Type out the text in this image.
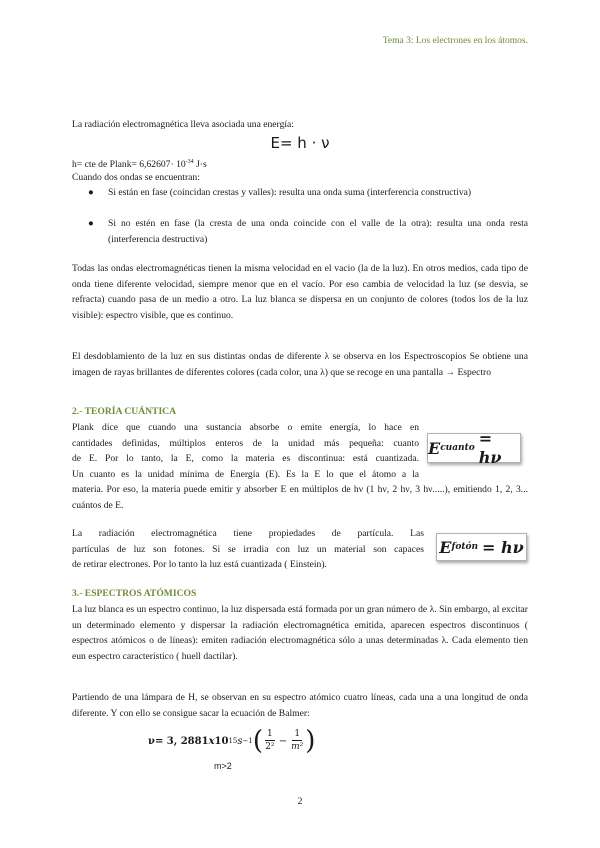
Tema 3: Los electrones en los átomos.
La radiación electromagnética lleva asociada una energía:
E= h · ν
h= cte de Plank= $6,62607\cdot 10^{-34}$ J·s
Cuando dos ondas se encuentran:
● Si están en fase (coincidan crestas y valles): resulta una onda suma (interferencia constructiva)
● Si no estén en fase (la cresta de una onda coincide con el valle de la otra): resulta una onda resta (interferencia destructiva)
Todas las ondas electromagnéticas tienen la misma velocidad en el vacio (la de la luz). En otros medios, cada tipo de onda tiene diferente velocidad, siempre menor que en el vacío. Por eso cambia de velocidad la luz (se desvia, se refracta) cuando pasa de un medio a otro. La luz blanca se dispersa en un conjunto de colores (todos los de la luz visible): espectro visible, que es continuo.
El desdoblamiento de la luz en sus distintas ondas de diferente λ se observa en los Espectroscopios Se obtiene una imagen de rayas brillantes de diferentes colores (cada color, una λ) que se recoge en una pantalla → Espectro
2.- TEORÍA CUÁNTICA
Plank dice que cuando una sustancia absorbe o emite energía, lo hace en
cantidades definidas, múltiplos enteros de la unidad más pequeña: cuanto
de E. Por lo tanto, la E, como la materia es discontinua: está cuantizada.
Un cuanto es la unidad mínima de Energía (E). Es la E lo que el átomo a la
materia. Por eso, la materia puede emitir y absorber E en múltiplos de hν (1 hν, 2 hν, 3 hν.....), emitiendo 1, 2, 3... cuántos de E.
E cuanto = hν
La radiación electromagnética tiene propiedades de partícula. Las
partículas de luz son fotones. Si se irradia con luz un material son capaces
de retirar electrones. Por lo tanto la luz está cuantizada ( Einstein).
E fotón = hν
3.- ESPECTROS ATÓMICOS
La luz blanca es un espectro continuo, la luz dispersada está formada por un gran número de λ. Sin embargo, al excitar un determinado elemento y dispersar la radiación electromagnética emitida, aparecen espectros discontinuos ( espectros atómicos o de líneas): emiten radiación electromagnética sólo a unas determinadas λ. Cada elemento tien eun espectro característico ( huell dactilar).
Partiendo de una lámpara de H, se observan en su espectro atómico cuatro líneas, cada una a una longitud de onda diferente. Y con ello se consigue sacar la ecuación de Balmer:
ν= 3, 2881 x 10 15 s −1 ( $\frac{1}{\text{2²}} - \frac{1}{\text{m²}}$ )
m>2
2
